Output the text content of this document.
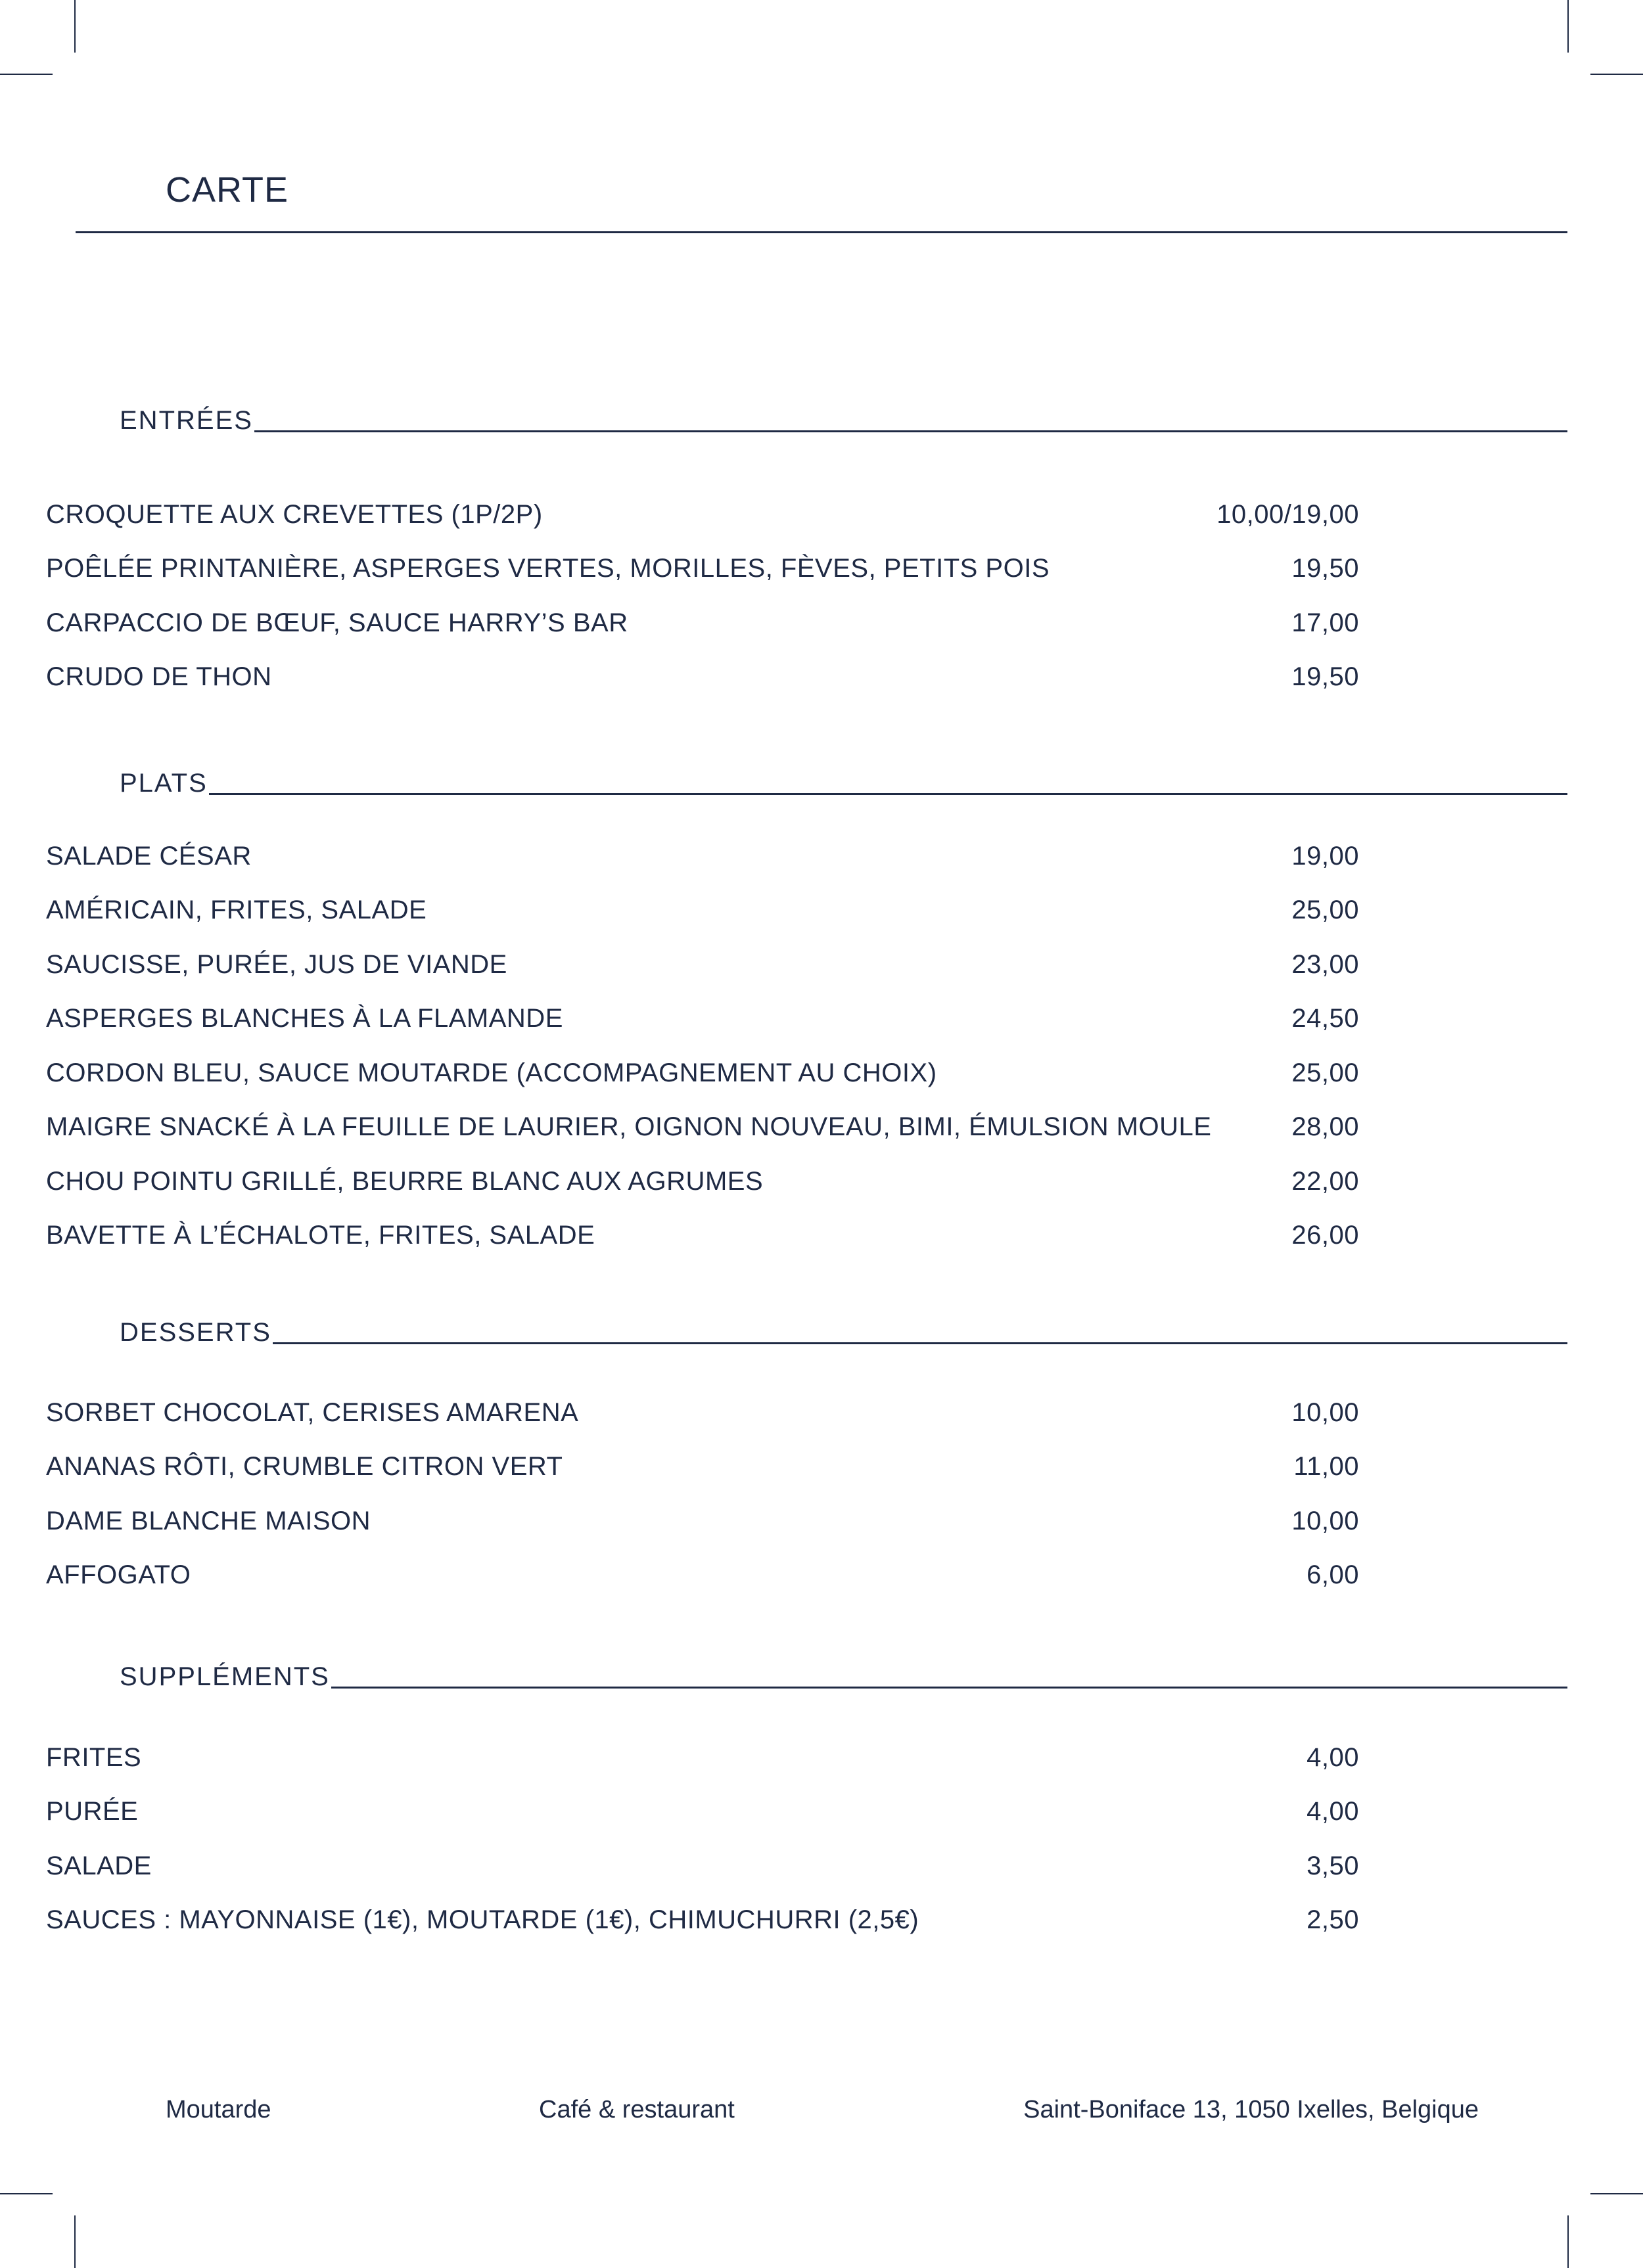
CARTE
ENTRÉES
CROQUETTE AUX CREVETTES (1P/2P)	10,00/19,00
POÊLÉE PRINTANIÈRE, ASPERGES VERTES, MORILLES, FÈVES, PETITS POIS	19,50
CARPACCIO DE BŒUF, SAUCE HARRY’S BAR	17,00
CRUDO DE THON	19,50
PLATS
SALADE CÉSAR	19,00
AMÉRICAIN, FRITES, SALADE	25,00
SAUCISSE, PURÉE, JUS DE VIANDE	23,00
ASPERGES BLANCHES À LA FLAMANDE	24,50
CORDON BLEU, SAUCE MOUTARDE (ACCOMPAGNEMENT AU CHOIX)	25,00
MAIGRE SNACKÉ À LA FEUILLE DE LAURIER, OIGNON NOUVEAU, BIMI, ÉMULSION MOULE	28,00
CHOU POINTU GRILLÉ, BEURRE BLANC AUX AGRUMES	22,00
BAVETTE À L’ÉCHALOTE, FRITES, SALADE	26,00
DESSERTS
SORBET CHOCOLAT, CERISES AMARENA	10,00
ANANAS RÔTI, CRUMBLE CITRON VERT	11,00
DAME BLANCHE MAISON	10,00
AFFOGATO	6,00
SUPPLÉMENTS
FRITES	4,00
PURÉE	4,00
SALADE	3,50
SAUCES : MAYONNAISE (1€), MOUTARDE (1€), CHIMUCHURRI (2,5€)	2,50
Moutarde	Café & restaurant	Saint-Boniface 13, 1050 Ixelles, Belgique
